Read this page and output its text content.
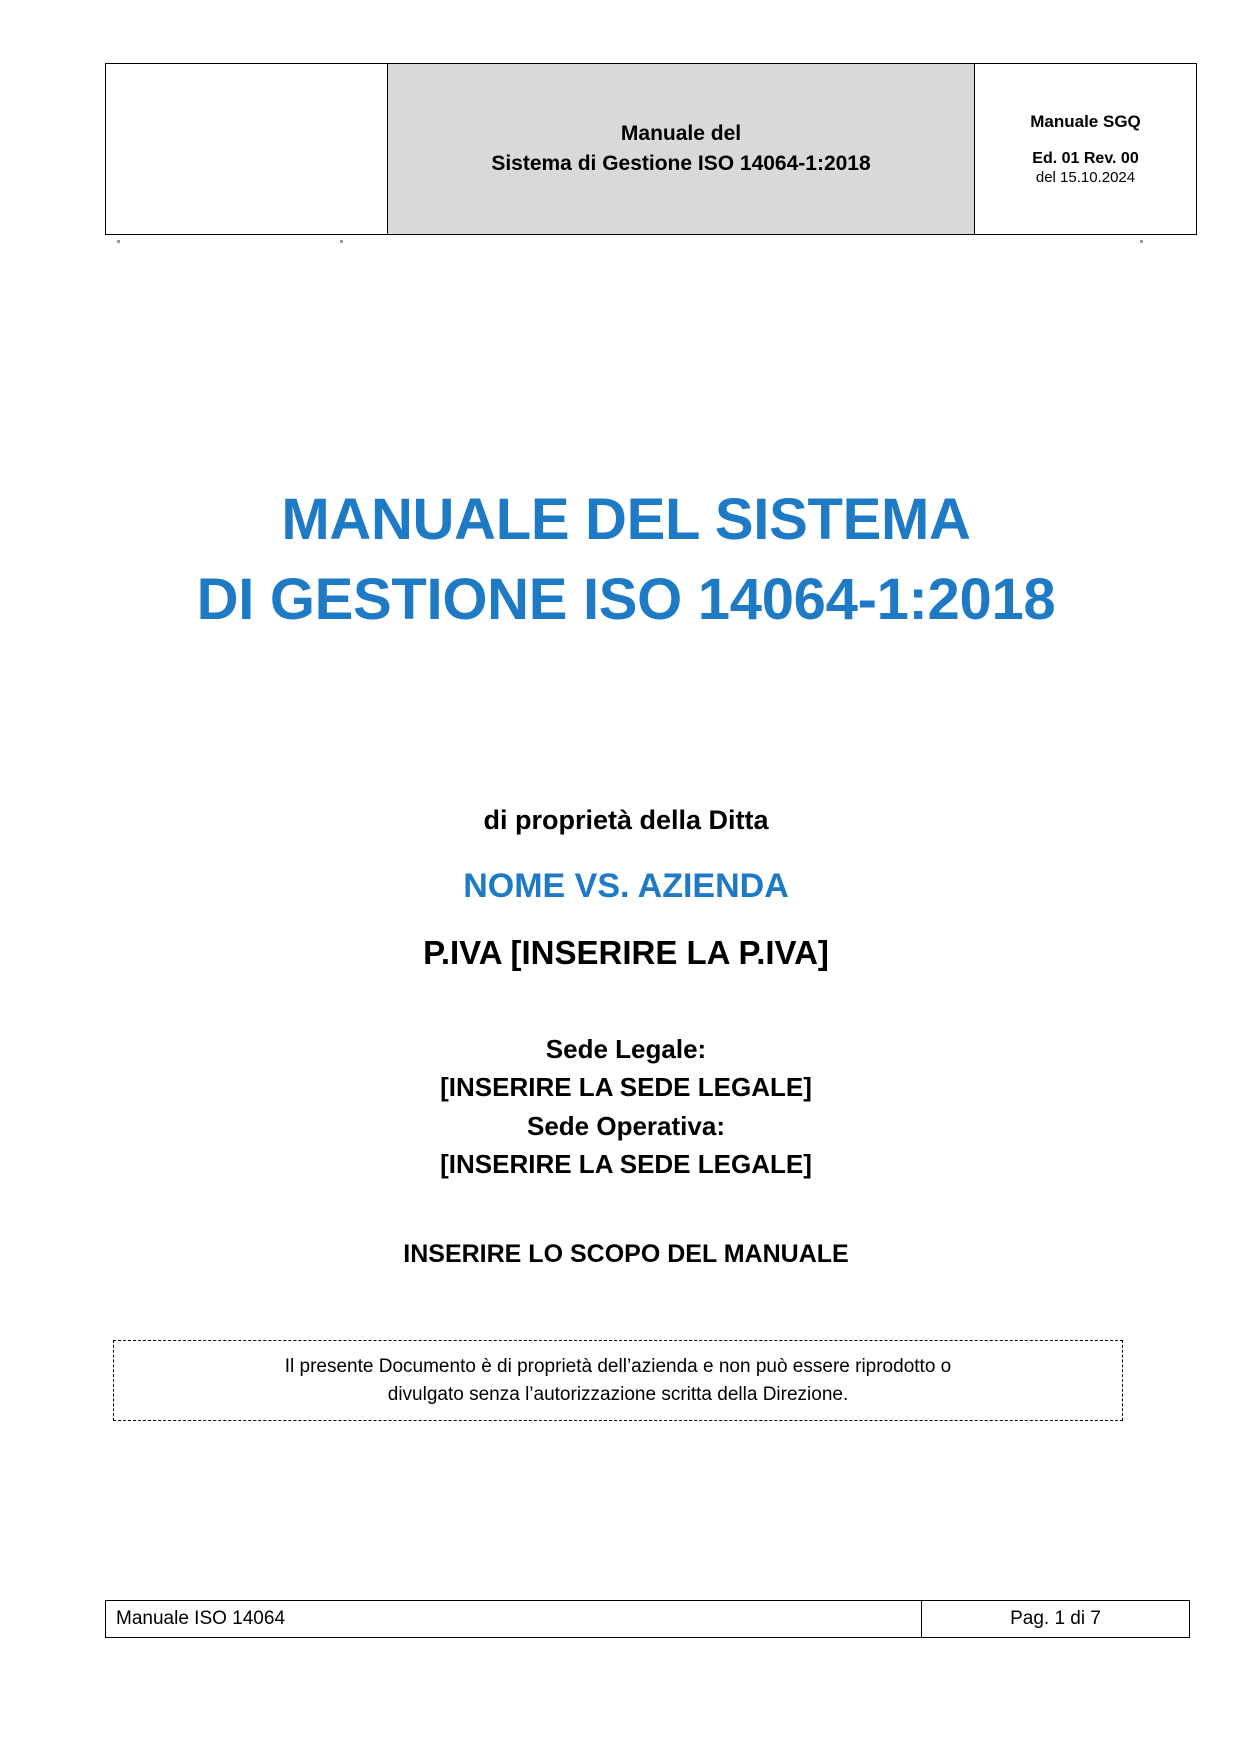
Manuale del
Sistema di Gestione ISO 14064-1:2018

Manuale SGQ
Ed. 01 Rev. 00
del 15.10.2024
MANUALE DEL SISTEMA
DI GESTIONE ISO 14064-1:2018
di proprietà della Ditta
NOME VS. AZIENDA
P.IVA [INSERIRE LA P.IVA]
Sede Legale:
[INSERIRE LA SEDE LEGALE]
Sede Operativa:
[INSERIRE LA SEDE LEGALE]
INSERIRE LO SCOPO DEL MANUALE
Il presente Documento è di proprietà dell’azienda e non può essere riprodotto o
divulgato senza l’autorizzazione scritta della Direzione.
Manuale ISO 14064	Pag. 1 di 7
